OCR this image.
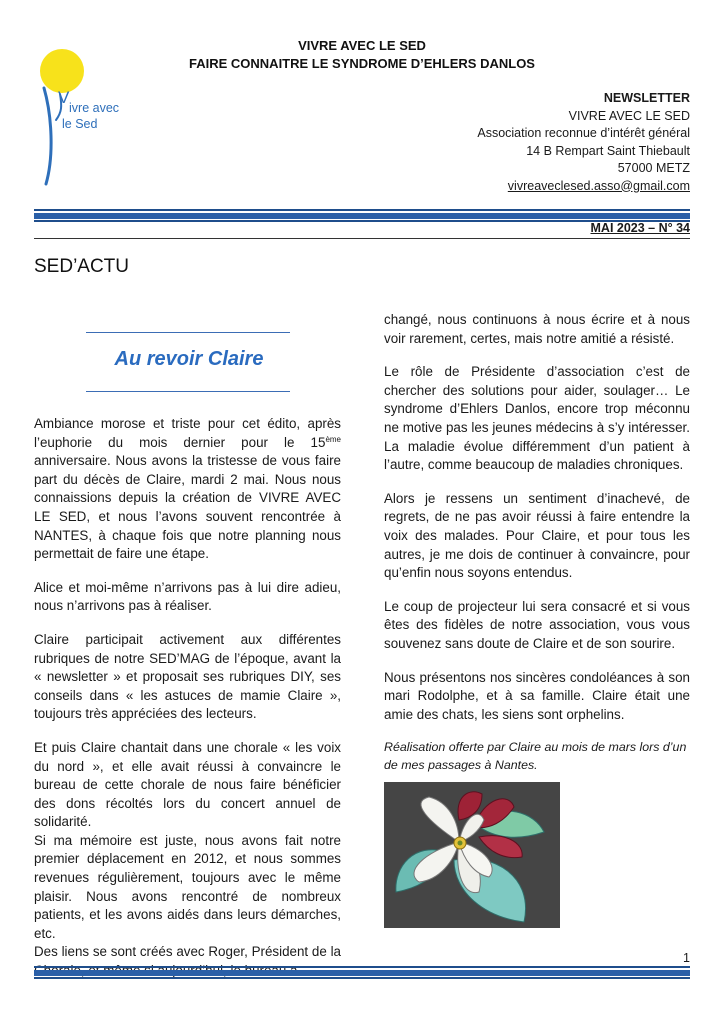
VIVRE AVEC LE SED
FAIRE CONNAITRE LE SYNDROME D’EHLERS DANLOS
V
ivre avec
le Sed
NEWSLETTER
VIVRE AVEC LE SED
Association reconnue d’intérêt général
14 B Rempart Saint Thiebault
57000 METZ
vivreaveclesed.asso@gmail.com
MAI 2023 – N° 34
SED’ACTU
Au revoir Claire

Ambiance morose et triste pour cet édito, après l’euphorie du mois dernier pour le 15ème anniversaire. Nous avons la tristesse de vous faire part du décès de Claire, mardi 2 mai. Nous nous connaissions depuis la création de VIVRE AVEC LE SED, et nous l’avons souvent rencontrée à NANTES, à chaque fois que notre planning nous permettait de faire une étape.

Alice et moi-même n’arrivons pas à lui dire adieu, nous n’arrivons pas à réaliser.

Claire participait activement aux différentes rubriques de notre SED’MAG de l’époque, avant la « newsletter » et proposait ses rubriques DIY, ses conseils dans « les astuces de mamie Claire », toujours très appréciées des lecteurs.

Et puis Claire chantait dans une chorale « les voix du nord », et elle avait réussi à convaincre le bureau de cette chorale de nous faire bénéficier des dons récoltés lors du concert annuel de solidarité.

Si ma mémoire est juste, nous avons fait notre premier déplacement en 2012, et nous sommes revenues régulièrement, toujours avec le même plaisir. Nous avons rencontré de nombreux patients, et les avons aidés dans leurs démarches, etc.

Des liens se sont créés avec Roger, Président de la

changé, nous continuons à nous écrire et à nous voir rarement, certes, mais notre amitié a résisté.

Le rôle de Présidente d’association c’est de chercher des solutions pour aider, soulager… Le syndrome d’Ehlers Danlos, encore trop méconnu ne motive pas les jeunes médecins à s’y intéresser. La maladie évolue différemment d’un patient à l’autre, comme beaucoup de maladies chroniques.

Alors je ressens un sentiment d’inachevé, de regrets, de ne pas avoir réussi à faire entendre la voix des malades. Pour Claire, et pour tous les autres, je me dois de continuer à convaincre, pour qu’enfin nous soyons entendus.

Le coup de projecteur lui sera consacré et si vous êtes des fidèles de notre association, vous vous souvenez sans doute de Claire et de son sourire.

Nous présentons nos sincères condoléances à son mari Rodolphe, et à sa famille. Claire était une amie des chats, les siens sont orphelins.

Réalisation offerte par Claire au mois de mars lors d’un de mes passages à Nantes.

1
